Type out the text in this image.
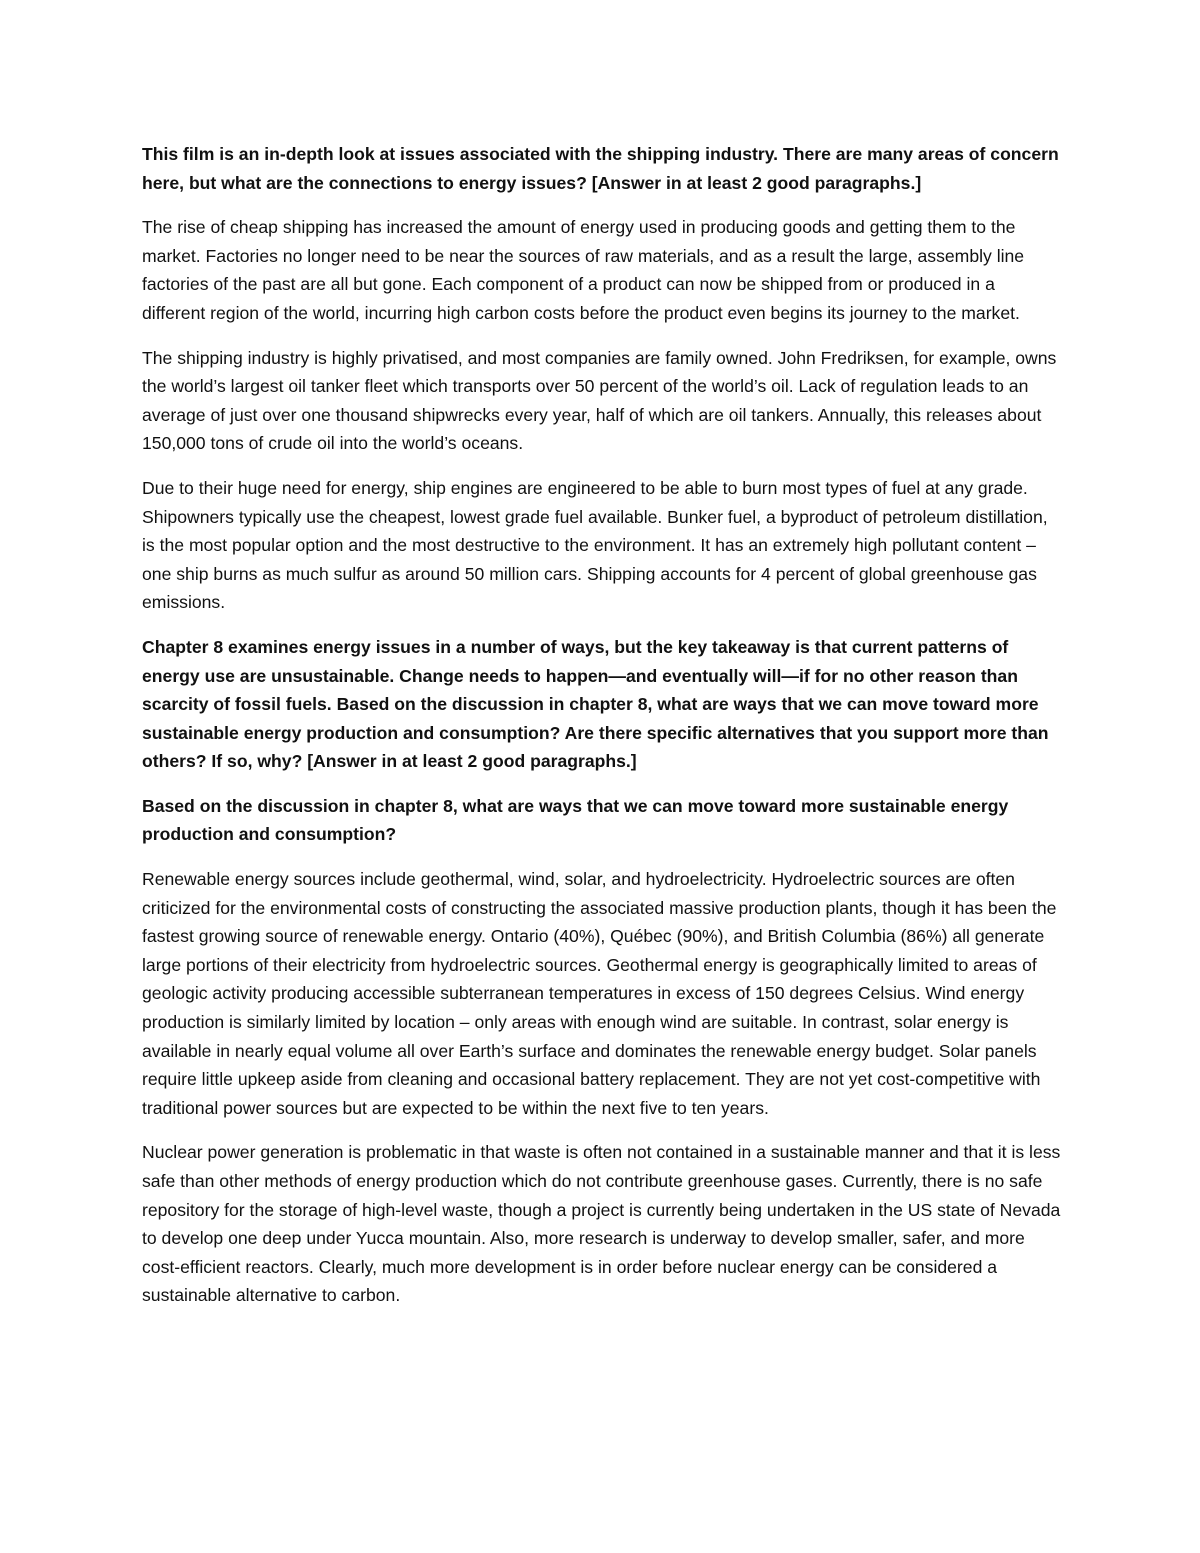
This film is an in-depth look at issues associated with the shipping industry. There are many areas of concern here, but what are the connections to energy issues? [Answer in at least 2 good paragraphs.]

The rise of cheap shipping has increased the amount of energy used in producing goods and getting them to the market. Factories no longer need to be near the sources of raw materials, and as a result the large, assembly line factories of the past are all but gone. Each component of a product can now be shipped from or produced in a different region of the world, incurring high carbon costs before the product even begins its journey to the market.

The shipping industry is highly privatised, and most companies are family owned. John Fredriksen, for example, owns the world’s largest oil tanker fleet which transports over 50 percent of the world’s oil. Lack of regulation leads to an average of just over one thousand shipwrecks every year, half of which are oil tankers. Annually, this releases about 150,000 tons of crude oil into the world’s oceans.

Due to their huge need for energy, ship engines are engineered to be able to burn most types of fuel at any grade. Shipowners typically use the cheapest, lowest grade fuel available. Bunker fuel, a byproduct of petroleum distillation, is the most popular option and the most destructive to the environment. It has an extremely high pollutant content – one ship burns as much sulfur as around 50 million cars. Shipping accounts for 4 percent of global greenhouse gas emissions.

Chapter 8 examines energy issues in a number of ways, but the key takeaway is that current patterns of energy use are unsustainable. Change needs to happen—and eventually will—if for no other reason than scarcity of fossil fuels. Based on the discussion in chapter 8, what are ways that we can move toward more sustainable energy production and consumption? Are there specific alternatives that you support more than others? If so, why? [Answer in at least 2 good paragraphs.]

Based on the discussion in chapter 8, what are ways that we can move toward more sustainable energy production and consumption?

Renewable energy sources include geothermal, wind, solar, and hydroelectricity. Hydroelectric sources are often criticized for the environmental costs of constructing the associated massive production plants, though it has been the fastest growing source of renewable energy. Ontario (40%), Québec (90%), and British Columbia (86%) all generate large portions of their electricity from hydroelectric sources. Geothermal energy is geographically limited to areas of geologic activity producing accessible subterranean temperatures in excess of 150 degrees Celsius. Wind energy production is similarly limited by location – only areas with enough wind are suitable. In contrast, solar energy is available in nearly equal volume all over Earth’s surface and dominates the renewable energy budget. Solar panels require little upkeep aside from cleaning and occasional battery replacement. They are not yet cost-competitive with traditional power sources but are expected to be within the next five to ten years.

Nuclear power generation is problematic in that waste is often not contained in a sustainable manner and that it is less safe than other methods of energy production which do not contribute greenhouse gases. Currently, there is no safe repository for the storage of high-level waste, though a project is currently being undertaken in the US state of Nevada to develop one deep under Yucca mountain. Also, more research is underway to develop smaller, safer, and more cost-efficient reactors. Clearly, much more development is in order before nuclear energy can be considered a sustainable alternative to carbon.
